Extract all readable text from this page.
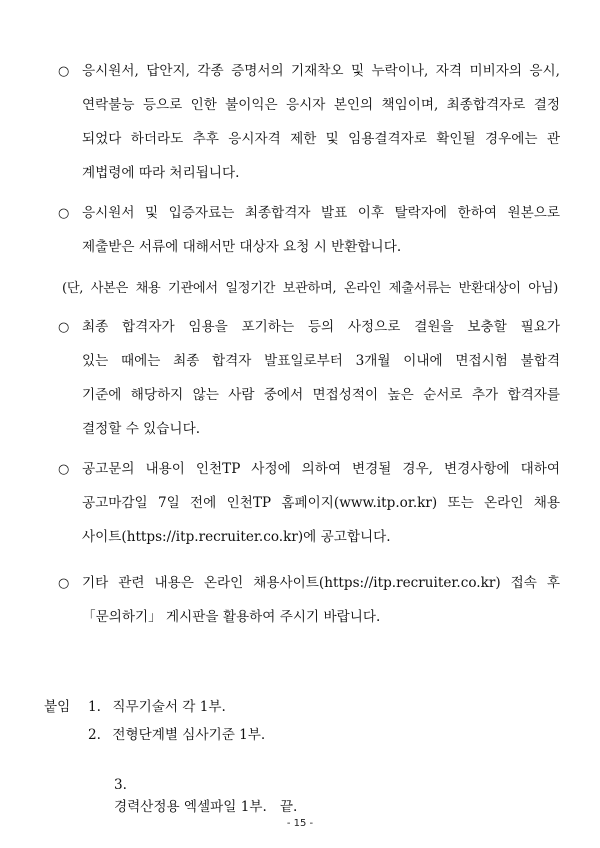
○ 응시원서, 답안지, 각종 증명서의 기재착오 및 누락이나, 자격 미비자의 응시,
연락불능 등으로 인한 불이익은 응시자 본인의 책임이며, 최종합격자로 결정
되었다 하더라도 추후 응시자격 제한 및 임용결격자로 확인될 경우에는 관
계법령에 따라 처리됩니다.
○ 응시원서 및 입증자료는 최종합격자 발표 이후 탈락자에 한하여 원본으로
제출받은 서류에 대해서만 대상자 요청 시 반환합니다.
(단, 사본은 채용 기관에서 일정기간 보관하며, 온라인 제출서류는 반환대상이 아님)
○ 최종 합격자가 임용을 포기하는 등의 사정으로 결원을 보충할 필요가
있는 때에는 최종 합격자 발표일로부터 3개월 이내에 면접시험 불합격
기준에 해당하지 않는 사람 중에서 면접성적이 높은 순서로 추가 합격자를
결정할 수 있습니다.
○ 공고문의 내용이 인천TP 사정에 의하여 변경될 경우, 변경사항에 대하여
공고마감일 7일 전에 인천TP 홈페이지(www.itp.or.kr) 또는 온라인 채용
사이트(https://itp.recruiter.co.kr)에 공고합니다.
○ 기타 관련 내용은 온라인 채용사이트(https://itp.recruiter.co.kr) 접속 후
「문의하기」 게시판을 활용하여 주시기 바랍니다.
붙임 1. 직무기술서 각 1부.
2. 전형단계별 심사기준 1부.

3.
경력산정용 엑셀파일 1부.   끝.

- 15 -
